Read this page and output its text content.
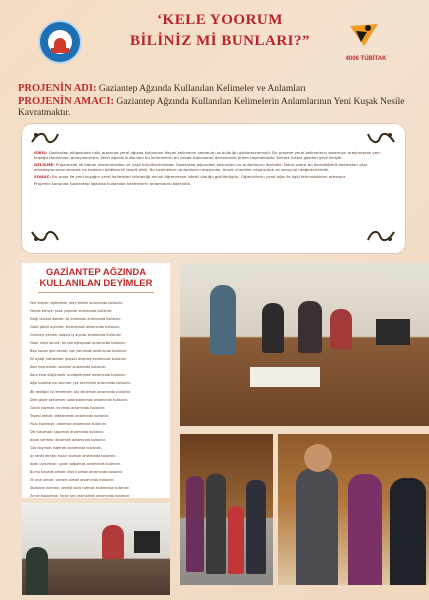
‘KELE YOORUM
BİLİNİZ Mİ BUNLARI?”
4006 TÜBİTAK
PROJENİN ADI: Gaziantep Ağzında Kullanılan Kelimeler ve Anlamları
PROJENİN AMACI: Gaziantep Ağzında Kullanılan Kelimelerin Anlamlarının Yeni Kuşak Nesile Kavratmaktır.

GİRİŞ: Gaziantep bölgesinde halk arasında yerel ağızda kullanılan birçok kelimenin zamanla unutulduğu gözlemlenmiştir. Bu projede yerel kelimelerin anlamları araştırılarak yeni kuşağa tanıtılması amaçlanmıştır. Yerel ağızda kullanılan bu kelimelerin bir arada toplanarak derlenmesi önem taşımaktadır. Kelime listesi gözden geçirilmiştir.

GELİŞME: Projemizde ilk olarak ailelerimizden ve yaşlı büyüklerimizden Gaziantep ağzındaki kelimeleri ve anlamlarını derledik. Daha sonra bu derlediğimiz kelimeleri okul arkadaşlarımıza sorarak ne kadarını bildiklerini tespit ettik. Bu kelimelerin anlamlarını araştırdık, örnek cümleler oluşturduk ve sonuçları değerlendirdik.

SONUÇ: Bu proje ile yeni kuşağın yerel kelimeleri bilmediği ancak öğrenmeye istekli olduğu görülmüştür. Öğrencilerin yerel ağız ile ilgili farkındalıkları artmıştır.

Projemiz sonunda Gaziantep ağzında kullanılan kelimelerin anlamlarını öğrendik.

GAZİANTEP AĞZINDA
KULLANILAN DEYİMLER
Hici etmek: eğlenmek, alay etmek anlamında kullanılır.
Hanek etmek: şaka yapmak anlamında kullanılır.
Eleği duvara asmak: işi bırakmak anlamında kullanılır.
Gözü gönlü açılmak: ferahlamak anlamında kullanılır.
Gurmeyi yemek: başına iş açmak anlamında kullanılır.
Haşır neşir olmak: bir işle uğraşmak anlamında kullanılır.
Başı kazan gibi olmak: çok yorulmak anlamında kullanılır.
Eli ayağı tutmamak: güçsüz düşmek anlamında kullanılır.
Kanı kaynamak: sevmek anlamında kullanılır.
Kara kara düşünmek: endişelenmek anlamında kullanılır.
Ağzı kulaklarına varmak: çok sevinmek anlamında kullanılır.
Bir dediğini iki etmemek: söz dinlemek anlamında kullanılır.
Dört gözle beklemek: sabırsızlanmak anlamında kullanılır.
Gönül koymak: kırılmak anlamında kullanılır.
Tepesi atmak: öfkelenmek anlamında kullanılır.
Yüzü kızarmak: utanmak anlamında kullanılır.
Dili tutulmak: şaşırmak anlamında kullanılır.
Kulak vermek: dinlemek anlamında kullanılır.
Göz koymak: istemek anlamında kullanılır.
İçi rahat etmek: huzur bulmak anlamında kullanılır.
Ayak uydurmak: uyum sağlamak anlamında kullanılır.
Burnu havada olmak: kibirli olmak anlamında kullanılır.
Eli açık olmak: cömert olmak anlamında kullanılır.
Sözünde durmak: verdiği sözü tutmak anlamında kullanılır.
Zırnık koparmak: hiçbir şey alamamak anlamında kullanılır.
